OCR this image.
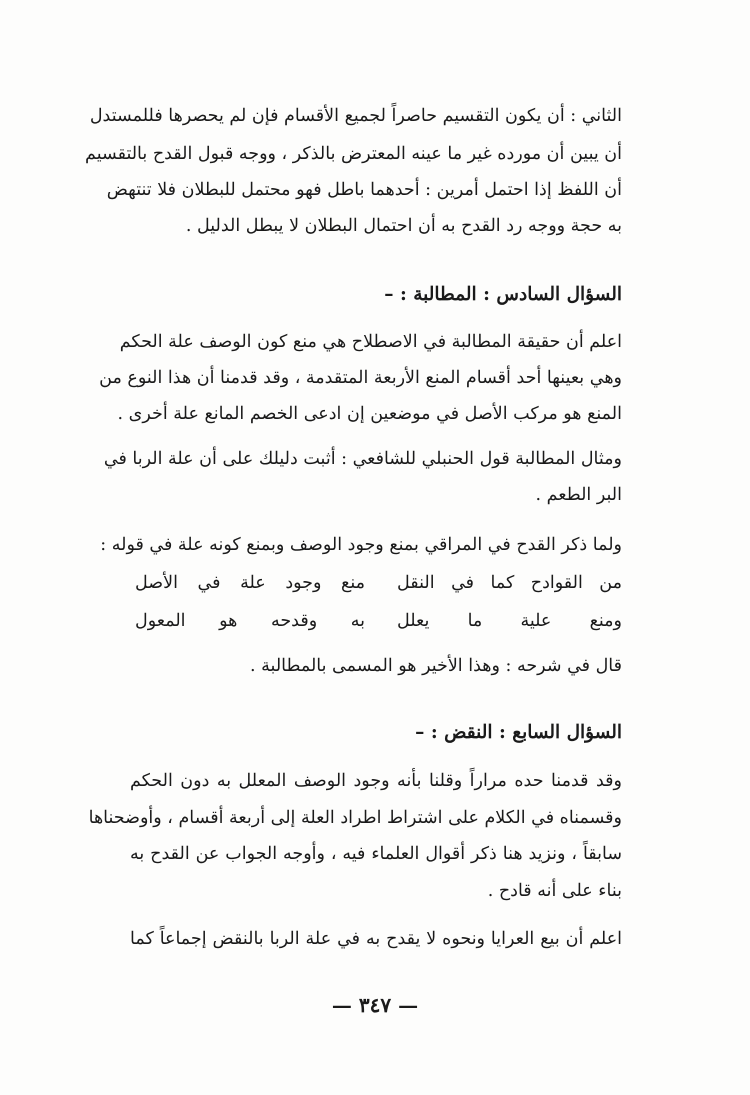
الثاني : أن يكون التقسيم حاصراً لجميع الأقسام فإن لم يحصرها فللمستدل
أن يبين أن مورده غير ما عينه المعترض بالذكر ، ووجه قبول القدح بالتقسيم
أن اللفظ إذا احتمل أمرين : أحدهما باطل فهو محتمل للبطلان فلا تنتهض
به حجة ووجه رد القدح به أن احتمال البطلان لا يبطل الدليل .
السؤال السادس : المطالبة : –
اعلم أن حقيقة المطالبة في الاصطلاح هي منع كون الوصف علة الحكم
وهي بعينها أحد أقسام المنع الأربعة المتقدمة ، وقد قدمنا أن هذا النوع من
المنع هو مركب الأصل في موضعين إن ادعى الخصم المانع علة أخرى .
ومثال المطالبة قول الحنبلي للشافعي : أثبت دليلك على أن علة الربا في
البر الطعم .
ولما ذكر القدح في المراقي بمنع وجود الوصف وبمنع كونه علة في قوله :
من القوادح كما في النقل
منع وجود علة في الأصل
ومنع علية ما يعلل
به وقدحه هو المعول
قال في شرحه : وهذا الأخير هو المسمى بالمطالبة .
السؤال السابع : النقض : –
وقد قدمنا حده مراراً وقلنا بأنه وجود الوصف المعلل به دون الحكم
وقسمناه في الكلام على اشتراط اطراد العلة إلى أربعة أقسام ، وأوضحناها
سابقاً ، ونزيد هنا ذكر أقوال العلماء فيه ، وأوجه الجواب عن القدح به
بناء على أنه قادح .
اعلم أن بيع العرايا ونحوه لا يقدح به في علة الربا بالنقض إجماعاً كما
— ٣٤٧ —
